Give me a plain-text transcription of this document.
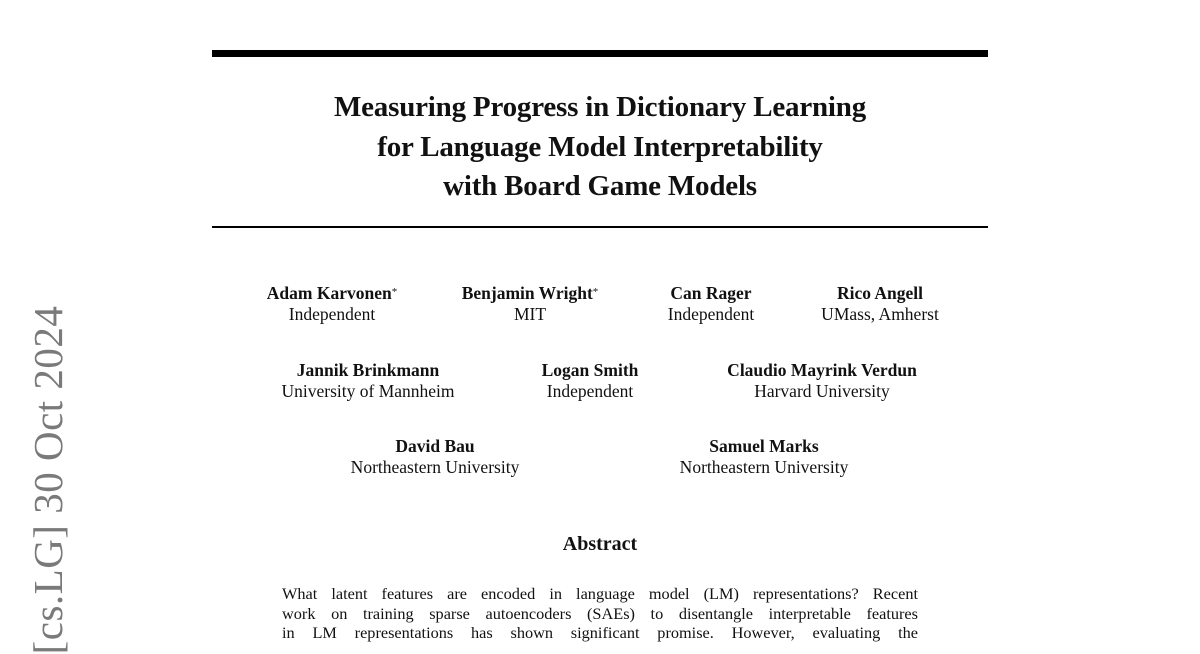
[cs.LG] 30 Oct 2024
Measuring Progress in Dictionary Learning
for Language Model Interpretability
with Board Game Models
Adam Karvonen*
Independent
Benjamin Wright*
MIT
Can Rager
Independent
Rico Angell
UMass, Amherst
Jannik Brinkmann
University of Mannheim
Logan Smith
Independent
Claudio Mayrink Verdun
Harvard University
David Bau
Northeastern University
Samuel Marks
Northeastern University
Abstract
What latent features are encoded in language model (LM) representations? Recent
work on training sparse autoencoders (SAEs) to disentangle interpretable features
in LM representations has shown significant promise. However, evaluating the
